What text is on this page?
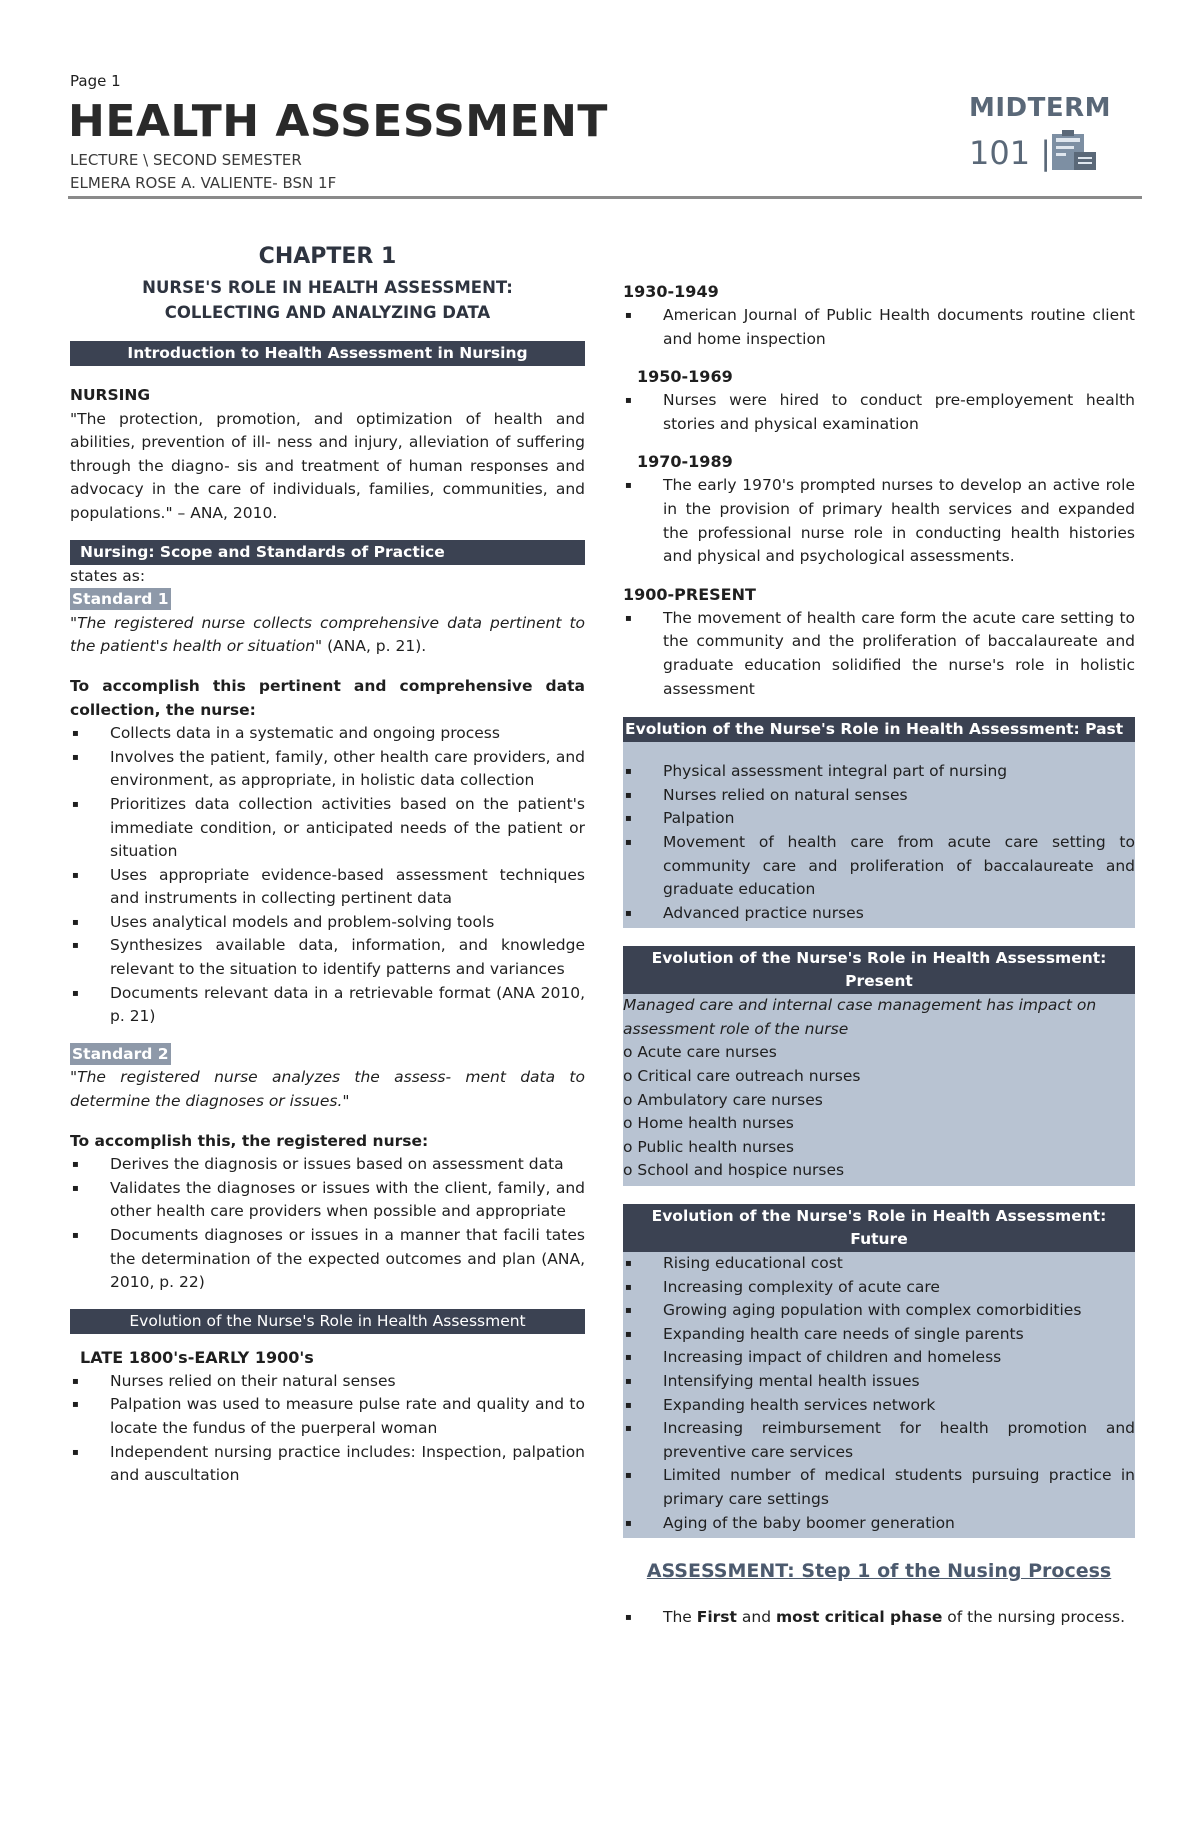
Page 1
HEALTH ASSESSMENT
LECTURE \ SECOND SEMESTER
ELMERA ROSE A. VALIENTE- BSN 1F
MIDTERM
101 |
CHAPTER 1
NURSE'S ROLE IN HEALTH ASSESSMENT:
COLLECTING AND ANALYZING DATA
Introduction to Health Assessment in Nursing
NURSING
"The protection, promotion, and optimization of health and abilities, prevention of ill- ness and injury, alleviation of suffering through the diagno- sis and treatment of human responses and advocacy in the care of individuals, families, communities, and populations." – ANA, 2010.
Nursing: Scope and Standards of Practice
states as:
Standard 1
"The registered nurse collects comprehensive data pertinent to the patient's health or situation" (ANA, p. 21).
To accomplish this pertinent and comprehensive data collection, the nurse:
▪ Collects data in a systematic and ongoing process
▪ Involves the patient, family, other health care providers, and environment, as appropriate, in holistic data collection
▪ Prioritizes data collection activities based on the patient's immediate condition, or anticipated needs of the patient or situation
▪ Uses appropriate evidence-based assessment techniques and instruments in collecting pertinent data
▪ Uses analytical models and problem-solving tools
▪ Synthesizes available data, information, and knowledge relevant to the situation to identify patterns and variances
▪ Documents relevant data in a retrievable format (ANA 2010, p. 21)
Standard 2
"The registered nurse analyzes the assess- ment data to determine the diagnoses or issues."
To accomplish this, the registered nurse:
▪ Derives the diagnosis or issues based on assessment data
▪ Validates the diagnoses or issues with the client, family, and other health care providers when possible and appropriate
▪ Documents diagnoses or issues in a manner that facili tates the determination of the expected outcomes and plan (ANA, 2010, p. 22)
Evolution of the Nurse's Role in Health Assessment
LATE 1800's-EARLY 1900's
▪ Nurses relied on their natural senses
▪ Palpation was used to measure pulse rate and quality and to locate the fundus of the puerperal woman
▪ Independent nursing practice includes: Inspection, palpation and auscultation
1930-1949
▪ American Journal of Public Health documents routine client and home inspection
1950-1969
▪ Nurses were hired to conduct pre-employement health stories and physical examination
1970-1989
▪ The early 1970's prompted nurses to develop an active role in the provision of primary health services and expanded the professional nurse role in conducting health histories and physical and psychological assessments.
1900-PRESENT
▪ The movement of health care form the acute care setting to the community and the proliferation of baccalaureate and graduate education solidified the nurse's role in holistic assessment
Evolution of the Nurse's Role in Health Assessment: Past
▪ Physical assessment integral part of nursing
▪ Nurses relied on natural senses
▪ Palpation
▪ Movement of health care from acute care setting to community care and proliferation of baccalaureate and graduate education
▪ Advanced practice nurses
Evolution of the Nurse's Role in Health Assessment:
Present
Managed care and internal case management has impact on assessment role of the nurse
o Acute care nurses
o Critical care outreach nurses
o Ambulatory care nurses
o Home health nurses
o Public health nurses
o School and hospice nurses
Evolution of the Nurse's Role in Health Assessment:
Future
▪ Rising educational cost
▪ Increasing complexity of acute care
▪ Growing aging population with complex comorbidities
▪ Expanding health care needs of single parents
▪ Increasing impact of children and homeless
▪ Intensifying mental health issues
▪ Expanding health services network
▪ Increasing reimbursement for health promotion and preventive care services
▪ Limited number of medical students pursuing practice in primary care settings
▪ Aging of the baby boomer generation
ASSESSMENT: Step 1 of the Nusing Process
▪ The First and most critical phase of the nursing process.
